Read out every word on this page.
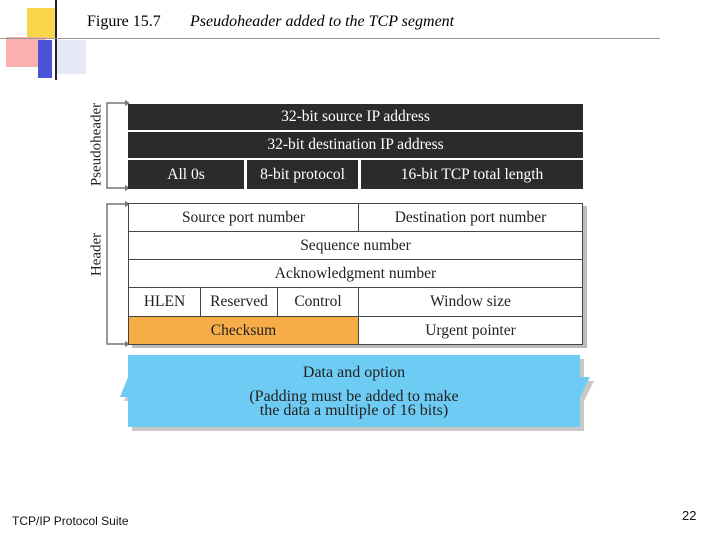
Figure 15.7 Pseudoheader added to the TCP segment
Pseudoheader
Header
32-bit source IP address
32-bit destination IP address
All 0s	8-bit protocol	16-bit TCP total length
Source port number	Destination port number
Sequence number
Acknowledgment number
HLEN	Reserved	Control	Window size
Checksum	Urgent pointer
Data and option
(Padding must be added to make
the data a multiple of 16 bits)
TCP/IP Protocol Suite	22
